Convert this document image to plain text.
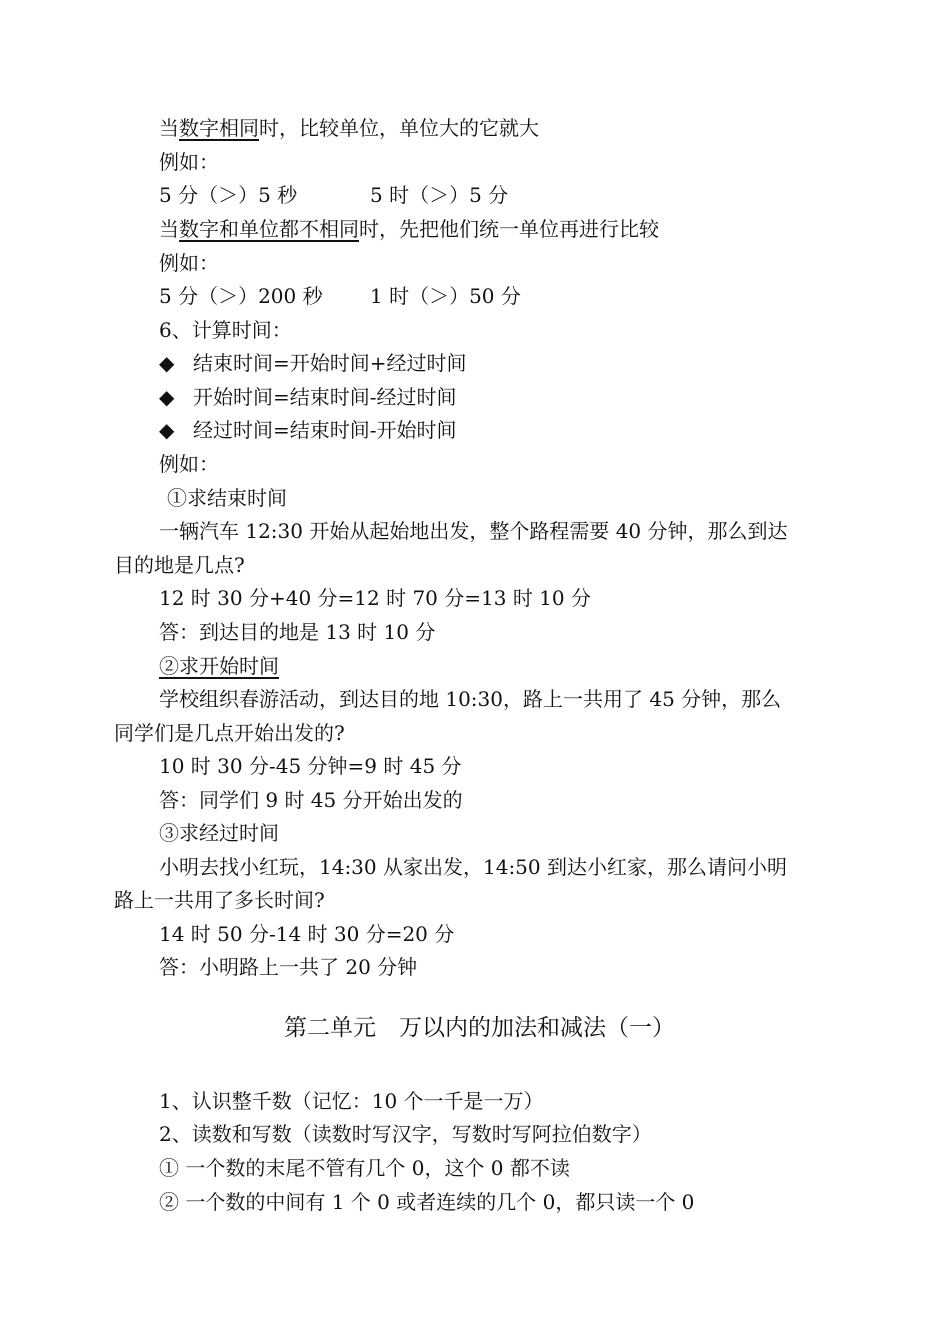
当数字相同时，比较单位，单位大的它就大
例如：
5 分（＞）5 秒	5 时（＞）5 分
当数字和单位都不相同时，先把他们统一单位再进行比较
例如：
5 分（＞）200 秒 1 时（＞）50 分
6、计算时间：
◆ 结束时间=开始时间+经过时间
◆ 开始时间=结束时间-经过时间
◆ 经过时间=结束时间-开始时间
例如：
①求结束时间
一辆汽车 12:30 开始从起始地出发，整个路程需要 40 分钟，那么到达
目的地是几点?
12 时 30 分+40 分=12 时 70 分=13 时 10 分
答：到达目的地是 13 时 10 分
②求开始时间
学校组织春游活动，到达目的地 10:30，路上一共用了 45 分钟，那么
同学们是几点开始出发的?
10 时 30 分-45 分钟=9 时 45 分
答：同学们 9 时 45 分开始出发的
③求经过时间
小明去找小红玩，14:30 从家出发，14:50 到达小红家，那么请问小明
路上一共用了多长时间?
14 时 50 分-14 时 30 分=20 分
答：小明路上一共了 20 分钟
第二单元　万以内的加法和减法（一）
1、认识整千数（记忆：10 个一千是一万）
2、读数和写数（读数时写汉字，写数时写阿拉伯数字）
① 一个数的末尾不管有几个 0，这个 0 都不读
② 一个数的中间有 1 个 0 或者连续的几个 0，都只读一个 0
